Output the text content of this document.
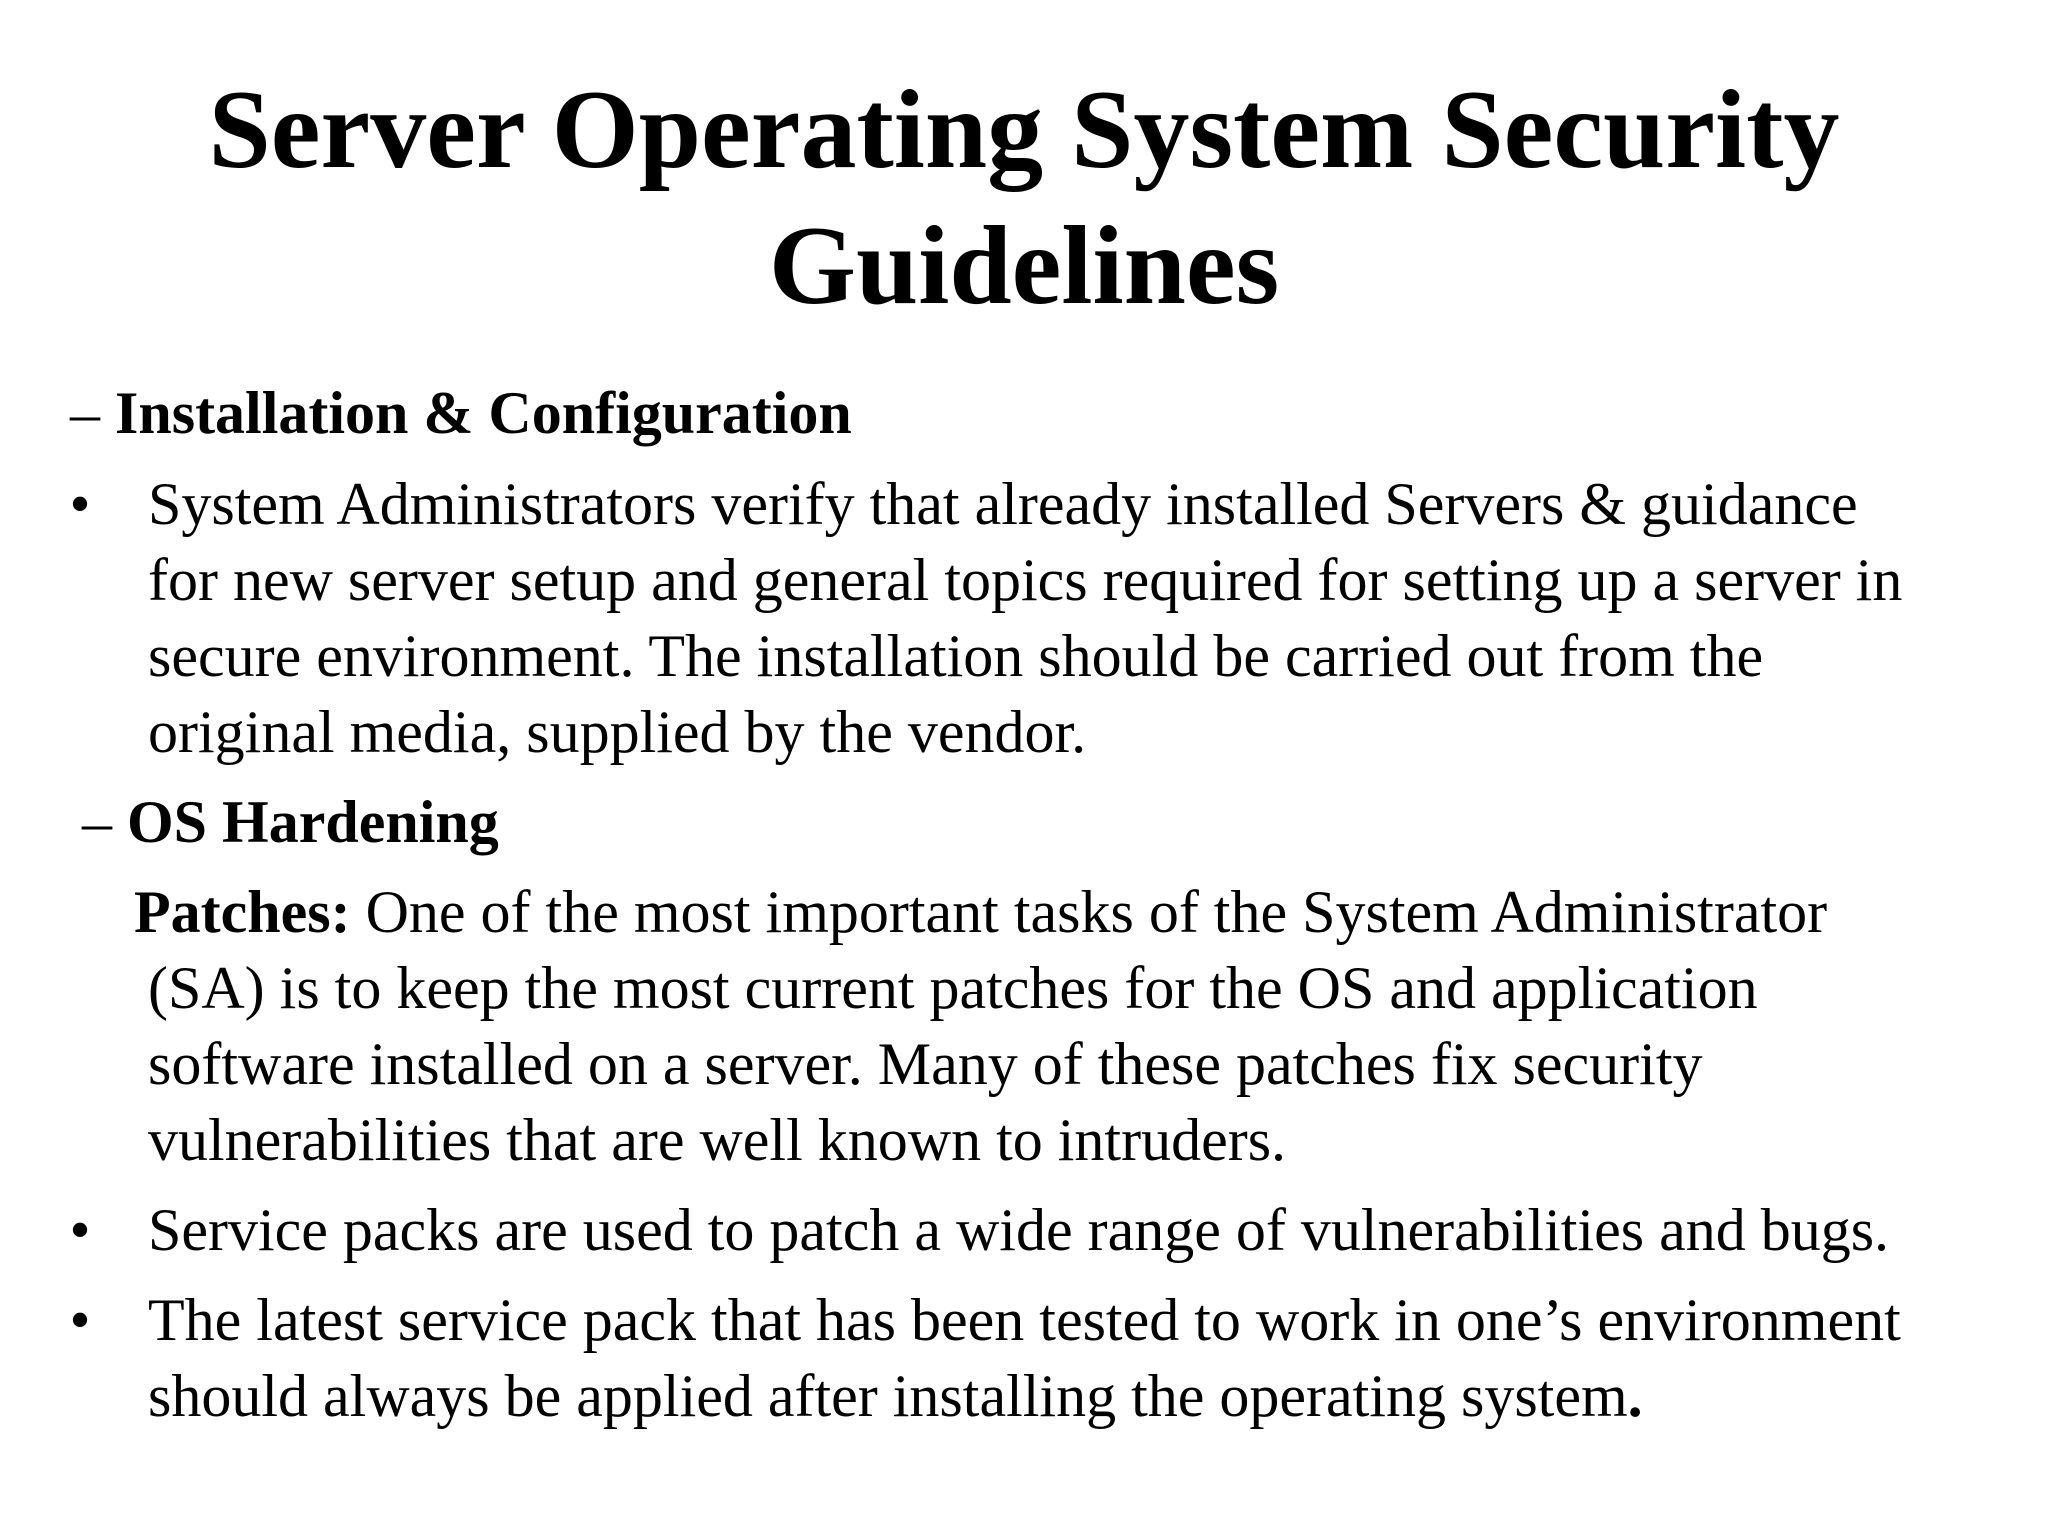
Server Operating System Security
Guidelines
– Installation & Configuration
• System Administrators verify that already installed Servers & guidance
for new server setup and general topics required for setting up a server in
secure environment. The installation should be carried out from the
original media, supplied by the vendor.
– OS Hardening
Patches: One of the most important tasks of the System Administrator
(SA) is to keep the most current patches for the OS and application
software installed on a server. Many of these patches fix security
vulnerabilities that are well known to intruders.
• Service packs are used to patch a wide range of vulnerabilities and bugs.
• The latest service pack that has been tested to work in one’s environment
should always be applied after installing the operating system.
